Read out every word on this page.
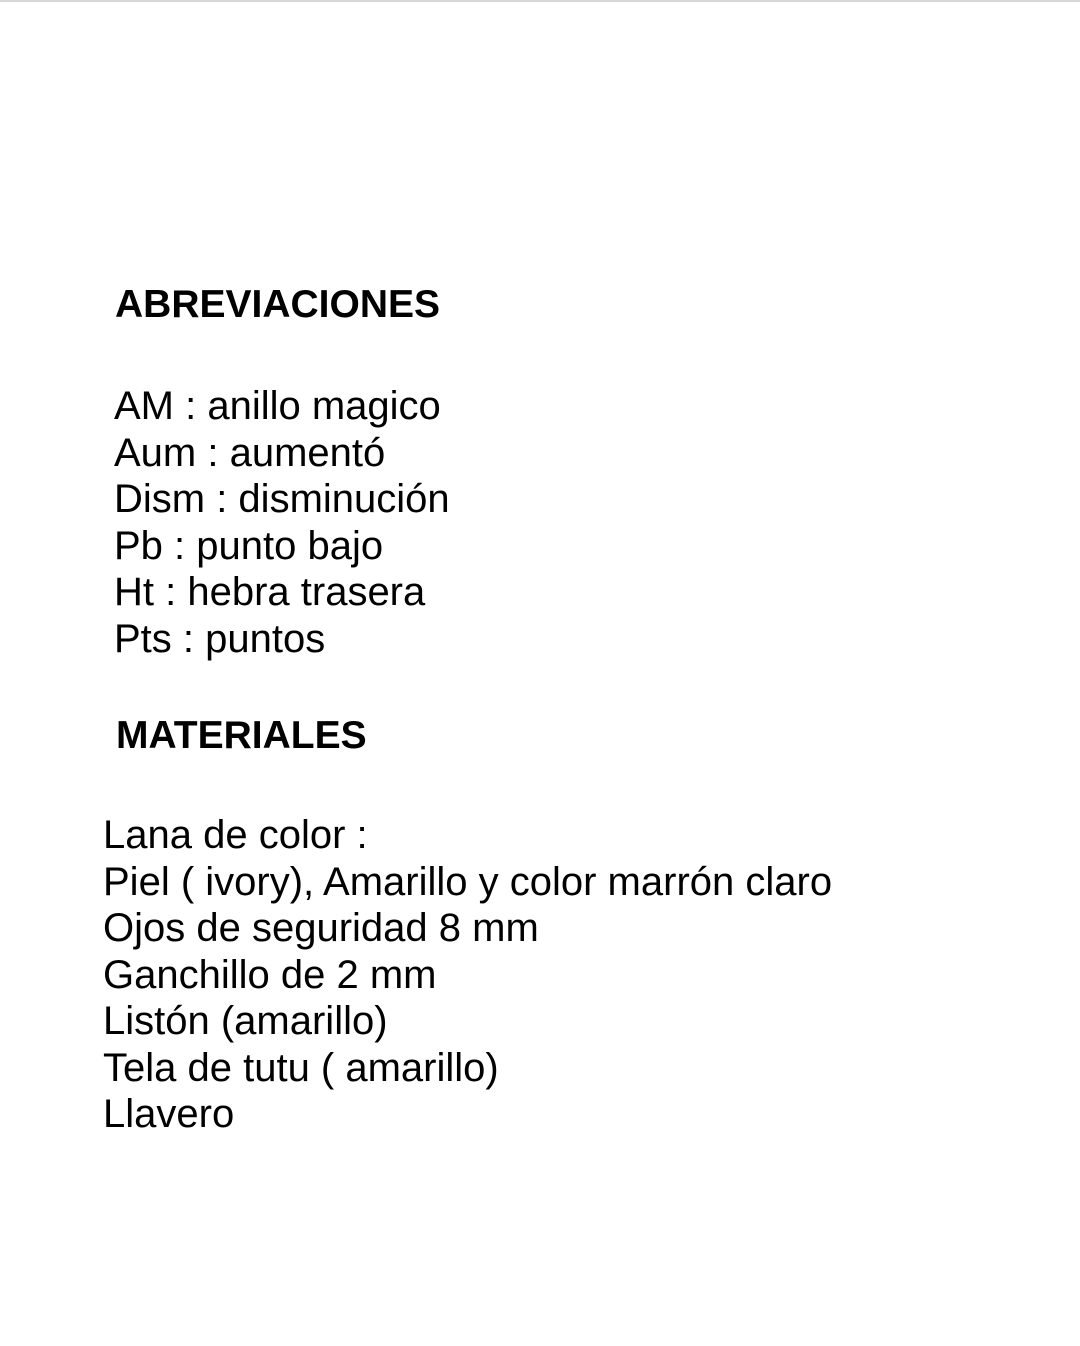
ABREVIACIONES
AM : anillo magico
Aum : aumentó
Dism : disminución
Pb : punto bajo
Ht : hebra trasera
Pts : puntos
MATERIALES
Lana de color :
Piel ( ivory), Amarillo y color marrón claro
Ojos de seguridad 8 mm
Ganchillo de 2 mm
Listón (amarillo)
Tela de tutu ( amarillo)
Llavero
